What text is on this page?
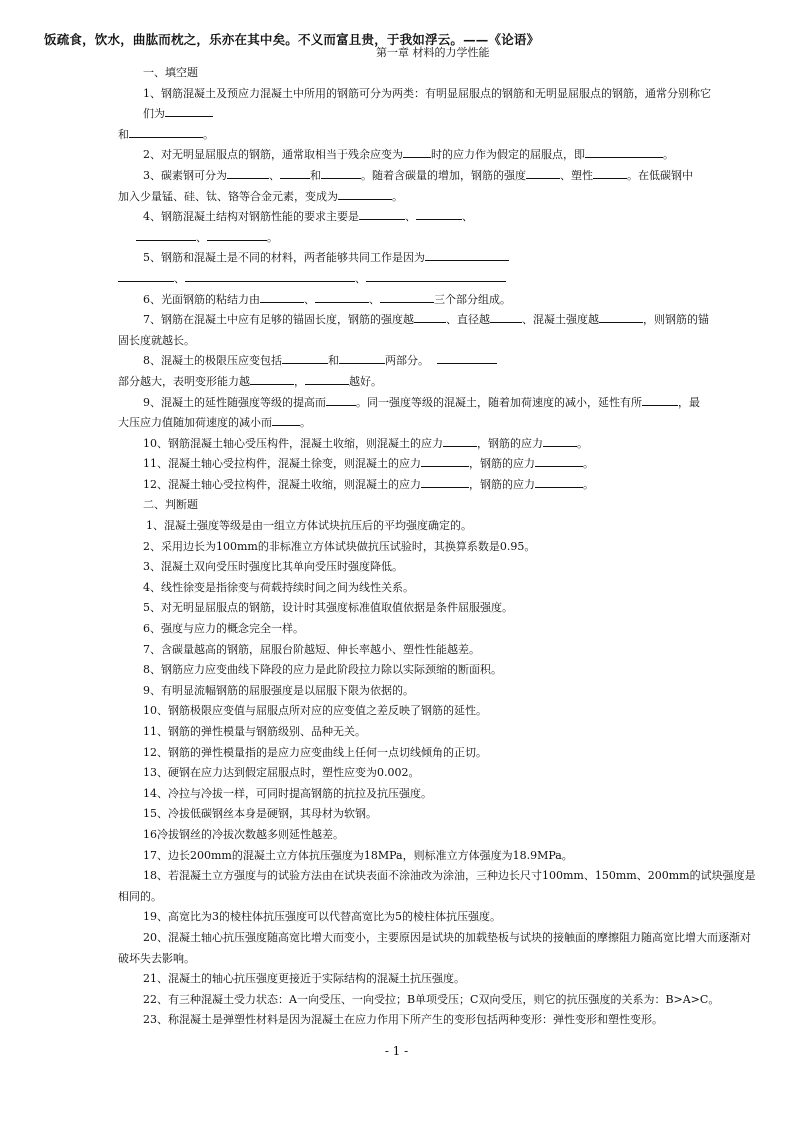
饭疏食，饮水，曲肱而枕之，乐亦在其中矣。不义而富且贵，于我如浮云。——《论语》
第一章 材料的力学性能
一、填空题
1、钢筋混凝土及预应力混凝土中所用的钢筋可分为两类：有明显屈服点的钢筋和无明显屈服点的钢筋，通常分别称它
们为
和	。
2、对无明显屈服点的钢筋，通常取相当于残余应变为	时的应力作为假定的屈服点，即	。
3、碳素钢可分为	、	和	。随着含碳量的增加，钢筋的强度	、塑性	。在低碳钢中
加入少量锰、硅、钛、铬等合金元素，变成为	。
4、钢筋混凝土结构对钢筋性能的要求主要是	、	、
、	。
5、钢筋和混凝土是不同的材料，两者能够共同工作是因为
、	、
6、光面钢筋的粘结力由	、	、	三个部分组成。
7、钢筋在混凝土中应有足够的锚固长度，钢筋的强度越	、直径越	、混凝土强度越	，则钢筋的锚
固长度就越长。
8、混凝土的极限压应变包括	和	两部分。
部分越大，表明变形能力越	，	越好。
9、混凝土的延性随强度等级的提高而	。同一强度等级的混凝土，随着加荷速度的减小，延性有所	，最
大压应力值随加荷速度的减小而	。
10、钢筋混凝土轴心受压构件，混凝土收缩，则混凝土的应力	，钢筋的应力	。
11、混凝土轴心受拉构件，混凝土徐变，则混凝土的应力	，钢筋的应力	。
12、混凝土轴心受拉构件，混凝土收缩，则混凝土的应力	，钢筋的应力	。
二、判断题
1、混凝土强度等级是由一组立方体试块抗压后的平均强度确定的。
2、采用边长为100mm的非标准立方体试块做抗压试验时，其换算系数是0.95。
3、混凝土双向受压时强度比其单向受压时强度降低。
4、线性徐变是指徐变与荷载持续时间之间为线性关系。
5、对无明显屈服点的钢筋，设计时其强度标准值取值依据是条件屈服强度。
6、强度与应力的概念完全一样。
7、含碳量越高的钢筋，屈服台阶越短、伸长率越小、塑性性能越差。
8、钢筋应力应变曲线下降段的应力是此阶段拉力除以实际颈缩的断面积。
9、有明显流幅钢筋的屈服强度是以屈服下限为依据的。
10、钢筋极限应变值与屈服点所对应的应变值之差反映了钢筋的延性。
11、钢筋的弹性模量与钢筋级别、品种无关。
12、钢筋的弹性模量指的是应力应变曲线上任何一点切线倾角的正切。
13、硬钢在应力达到假定屈服点时，塑性应变为0.002。
14、冷拉与冷拔一样，可同时提高钢筋的抗拉及抗压强度。
15、冷拔低碳钢丝本身是硬钢，其母材为软钢。
16冷拔钢丝的冷拔次数越多则延性越差。
17、边长200mm的混凝土立方体抗压强度为18MPa，则标准立方体强度为18.9MPa。
18、若混凝土立方强度与的试验方法由在试块表面不涂油改为涂油，三种边长尺寸100mm、150mm、200mm的试块强度是相同的。
19、高宽比为3的棱柱体抗压强度可以代替高宽比为5的棱柱体抗压强度。
20、混凝土轴心抗压强度随高宽比增大而变小，主要原因是试块的加载垫板与试块的接触面的摩擦阻力随高宽比增大而逐渐对破坏失去影响。
21、混凝土的轴心抗压强度更接近于实际结构的混凝土抗压强度。
22、有三种混凝土受力状态：A一向受压、一向受拉；B单项受压；C双向受压，则它的抗压强度的关系为：B>A>C。
23、称混凝土是弹塑性材料是因为混凝土在应力作用下所产生的变形包括两种变形：弹性变形和塑性变形。
- 1 -
